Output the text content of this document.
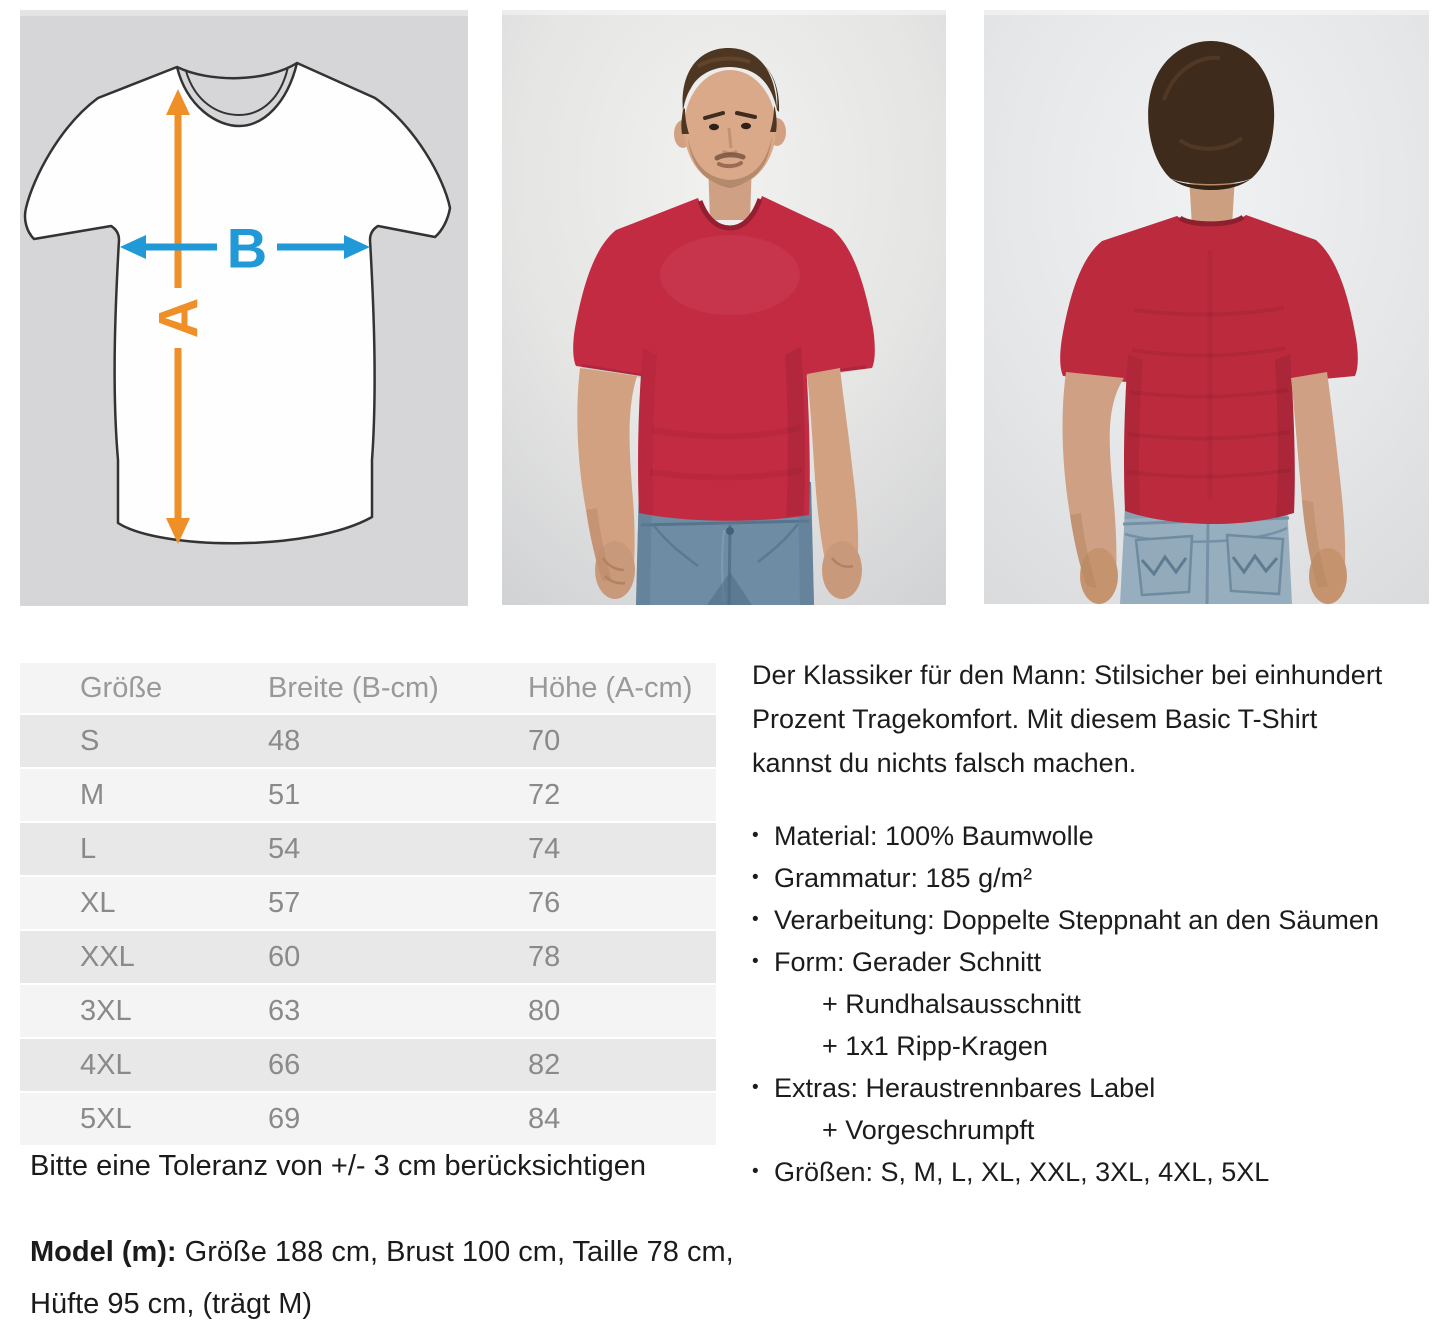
A
B
Größe	Breite (B-cm)	Höhe (A-cm)
S	48	70
M	51	72
L	54	74
XL	57	76
XXL	60	78
3XL	63	80
4XL	66	82
5XL	69	84

Bitte eine Toleranz von +/- 3 cm berücksichtigen

Model (m): Größe 188 cm, Brust 100 cm, Taille 78 cm,
Hüfte 95 cm, (trägt M)

Der Klassiker für den Mann: Stilsicher bei einhundert
Prozent Tragekomfort. Mit diesem Basic T-Shirt
kannst du nichts falsch machen.
• Material: 100% Baumwolle
• Grammatur: 185 g/m²
• Verarbeitung: Doppelte Steppnaht an den Säumen
• Form: Gerader Schnitt
+ Rundhalsausschnitt
+ 1x1 Ripp-Kragen
• Extras: Heraustrennbares Label
+ Vorgeschrumpft
• Größen: S, M, L, XL, XXL, 3XL, 4XL, 5XL
